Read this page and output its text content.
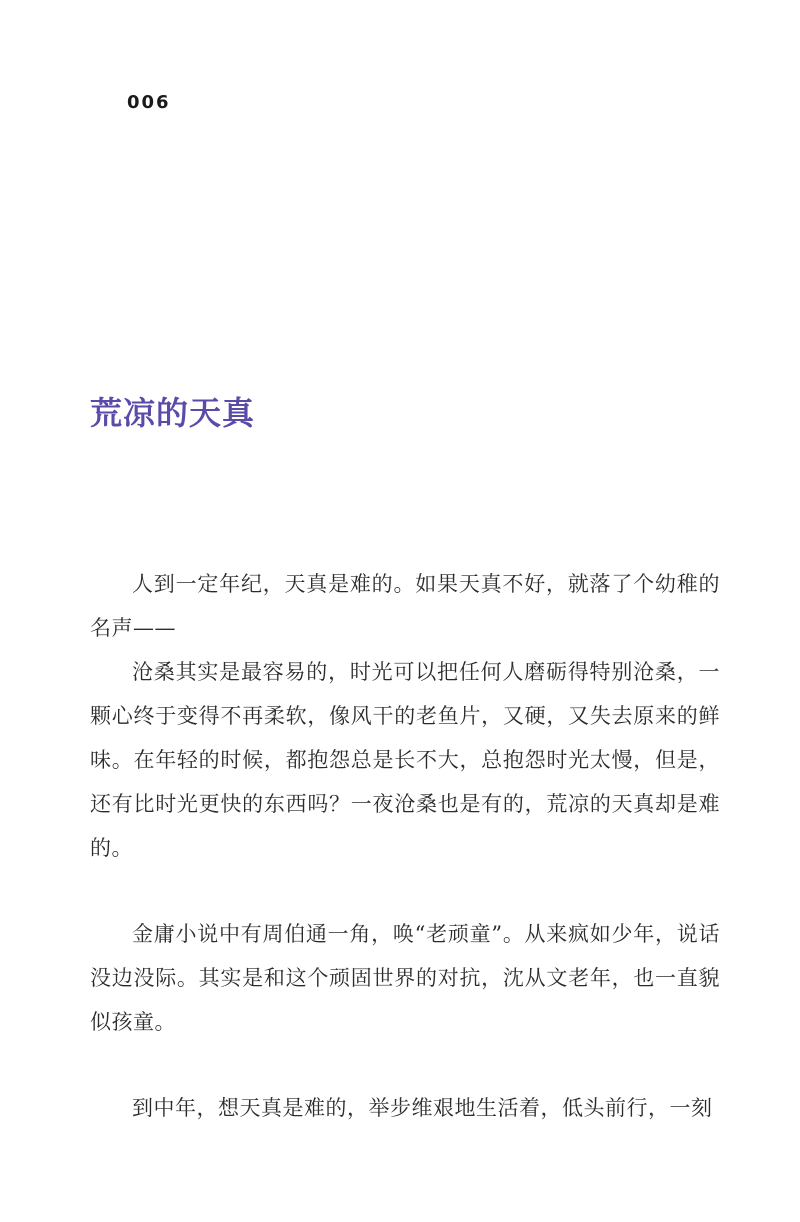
006
荒凉的天真

人到一定年纪，天真是难的。如果天真不好，就落了个幼稚的名声——

沧桑其实是最容易的，时光可以把任何人磨砺得特别沧桑，一颗心终于变得不再柔软，像风干的老鱼片，又硬，又失去原来的鲜味。在年轻的时候，都抱怨总是长不大，总抱怨时光太慢，但是，还有比时光更快的东西吗？一夜沧桑也是有的，荒凉的天真却是难的。

金庸小说中有周伯通一角，唤“老顽童”。从来疯如少年，说话没边没际。其实是和这个顽固世界的对抗，沈从文老年，也一直貌似孩童。

到中年，想天真是难的，举步维艰地生活着，低头前行，一刻
